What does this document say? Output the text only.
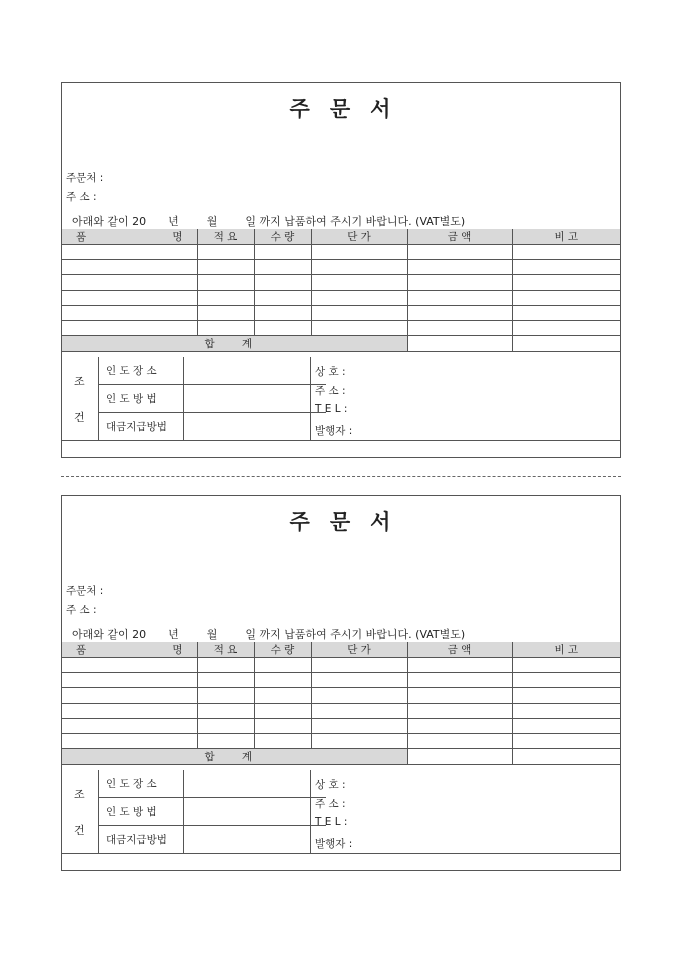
주 문 서
주문처 :
주 소 :
아래와 같이 20 년	월	일 까지 납품하여 주시기 바랍니다. (VAT별도)
품 명	적 요	수 량	단 가	금 액	비 고

합 계					
조
건
인 도 장 소
인 도 방 법
대금지급방법
상 호 :
주 소 :
T E L :
발행자 :
주 문 서
주문처 :
주 소 :
아래와 같이 20 년	월	일 까지 납품하여 주시기 바랍니다. (VAT별도)
품 명	적 요	수 량	단 가	금 액	비 고

합 계					
조
건
인 도 장 소
인 도 방 법
대금지급방법
상 호 :
주 소 :
T E L :
발행자 :
